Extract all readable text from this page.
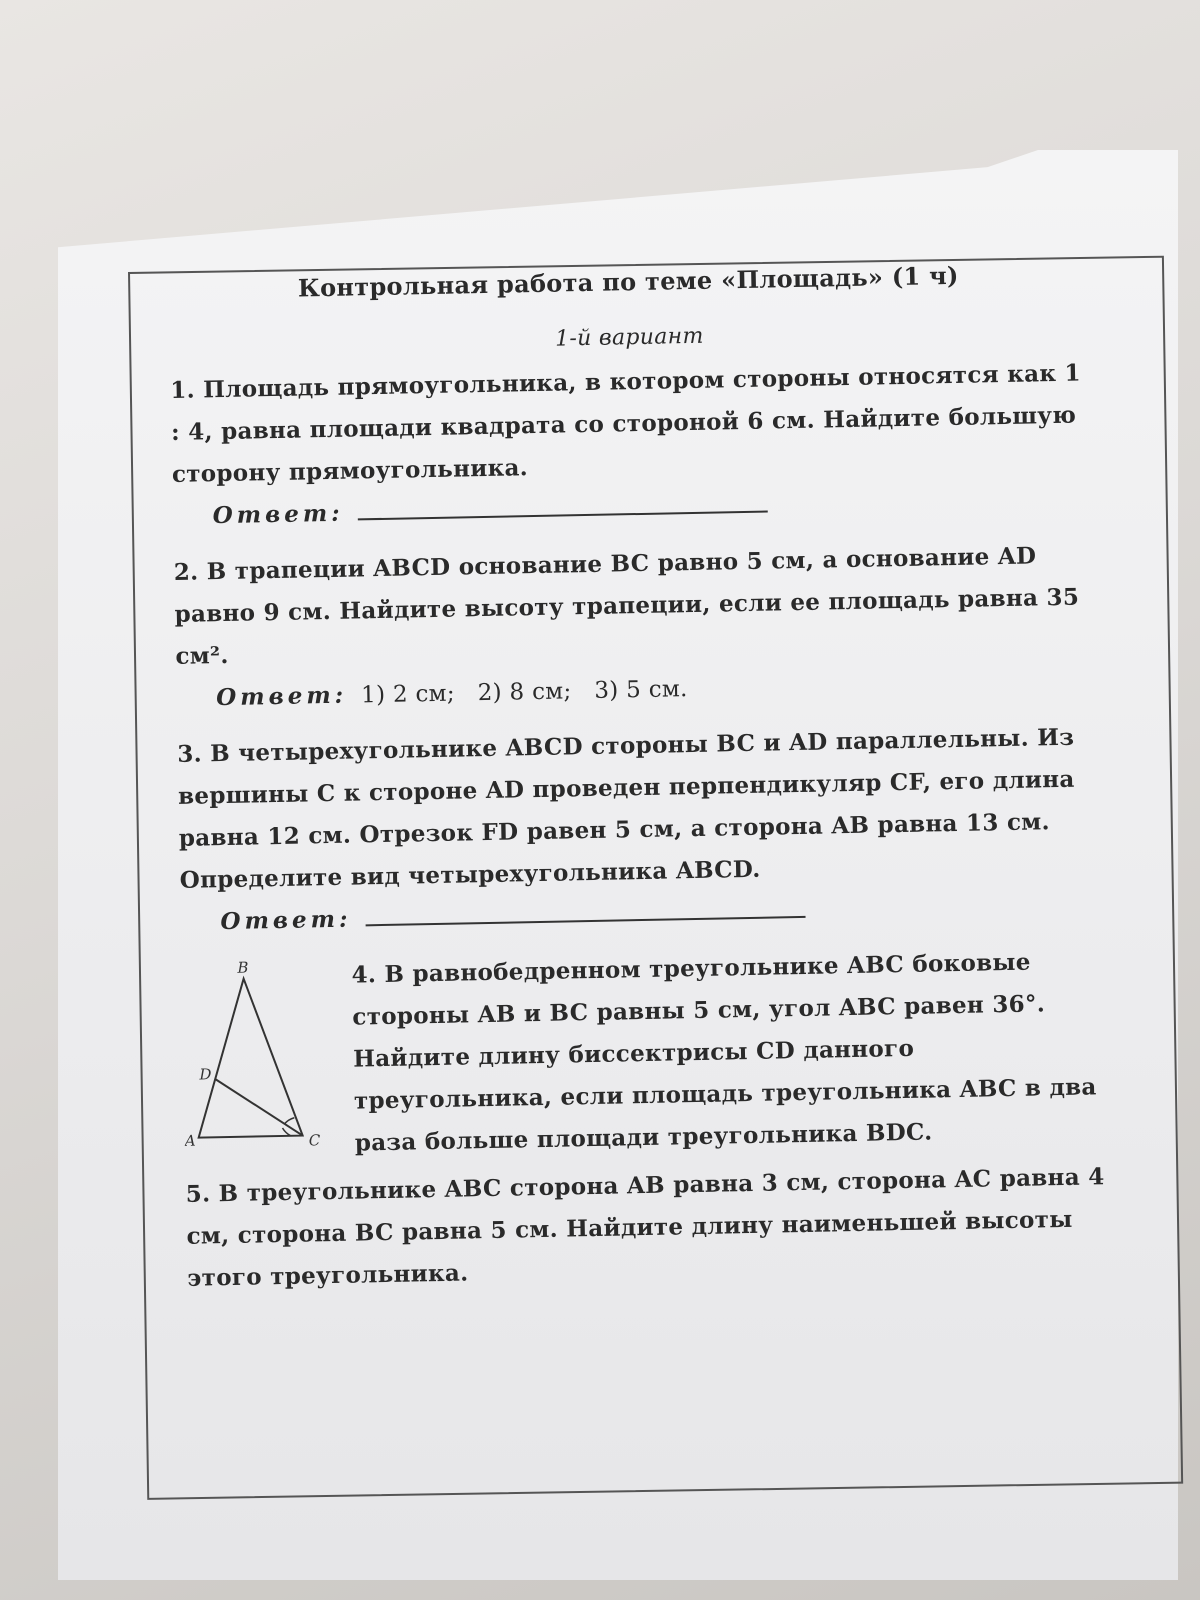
Контрольная работа по теме «Площадь» (1 ч)
1-й вариант
1. Площадь прямоугольника, в котором стороны относятся как 1 : 4, равна площади квадрата со стороной 6 см. Найдите большую сторону прямоугольника.
Ответ:
2. В трапеции ABCD основание BC равно 5 см, а основание AD равно 9 см. Найдите высоту трапеции, если ее площадь равна 35 см².
Ответ: 1) 2 см;   2) 8 см;   3) 5 см.
3. В четырехугольнике ABCD стороны BC и AD параллельны. Из вершины C к стороне AD проведен перпендикуляр CF, его длина равна 12 см. Отрезок FD равен 5 см, а сторона AB равна 13 см. Определите вид четырехугольника ABCD.
Ответ:
B
D
A	C
4. В равнобедренном треугольнике ABC боковые стороны AB и BC равны 5 см, угол ABC равен 36°. Найдите длину биссектрисы CD данного треугольника, если площадь треугольника ABC в два раза больше площади треугольника BDC.
5. В треугольнике ABC сторона AB равна 3 см, сторона AC равна 4 см, сторона BC равна 5 см. Найдите длину наименьшей высоты этого треугольника.
